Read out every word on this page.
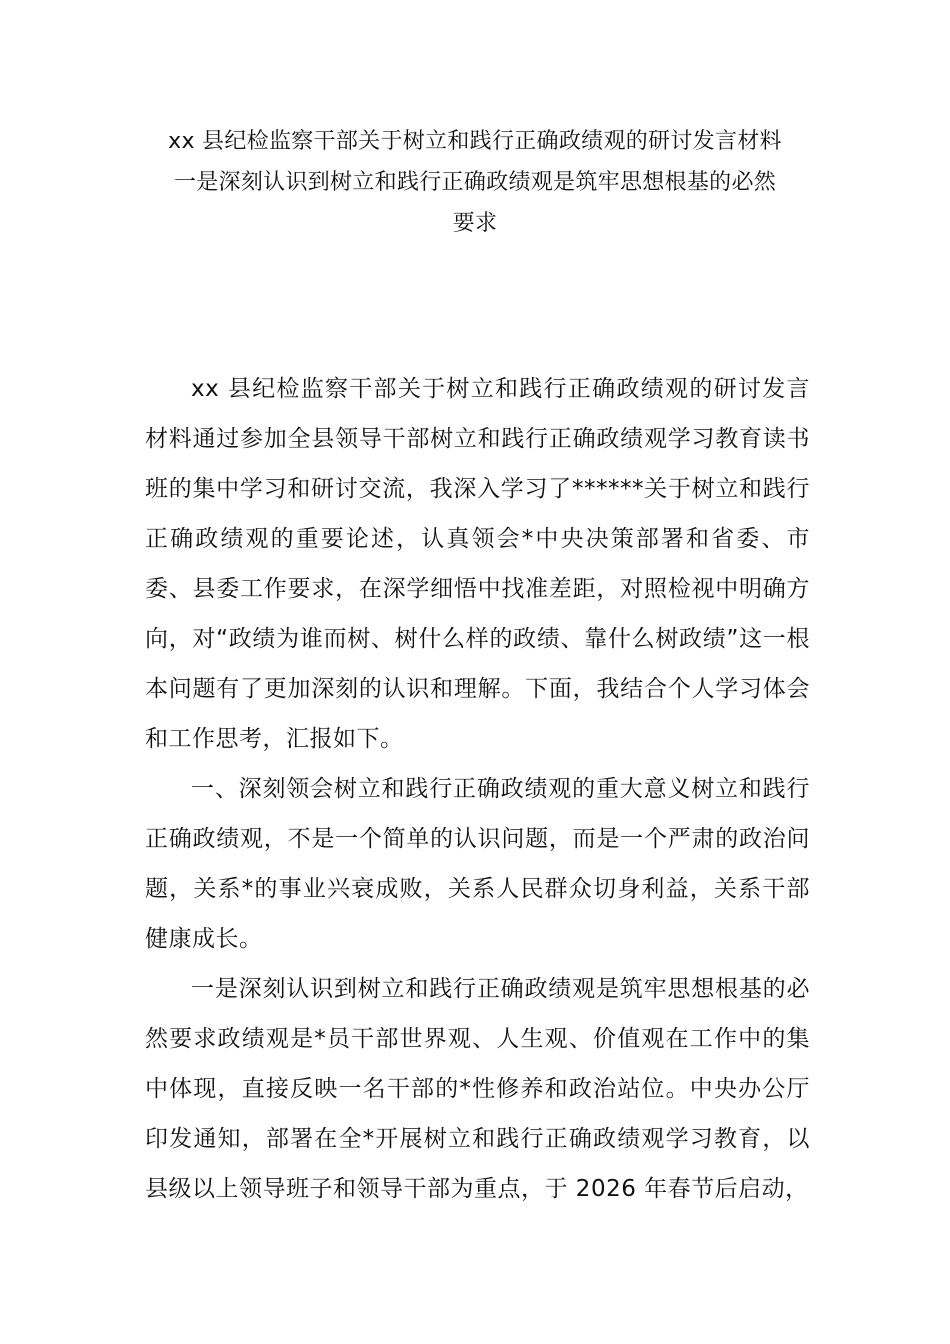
xx 县纪检监察干部关于树立和践行正确政绩观的研讨发言材料
一是深刻认识到树立和践行正确政绩观是筑牢思想根基的必然
要求

xx 县纪检监察干部关于树立和践行正确政绩观的研讨发言材料通过参加全县领导干部树立和践行正确政绩观学习教育读书班的集中学习和研讨交流，我深入学习了******关于树立和践行正确政绩观的重要论述，认真领会*中央决策部署和省委、市委、县委工作要求，在深学细悟中找准差距，对照检视中明确方向，对“政绩为谁而树、树什么样的政绩、靠什么树政绩”这一根本问题有了更加深刻的认识和理解。下面，我结合个人学习体会和工作思考，汇报如下。

一、深刻领会树立和践行正确政绩观的重大意义树立和践行正确政绩观，不是一个简单的认识问题，而是一个严肃的政治问题，关系*的事业兴衰成败，关系人民群众切身利益，关系干部健康成长。

一是深刻认识到树立和践行正确政绩观是筑牢思想根基的必然要求政绩观是*员干部世界观、人生观、价值观在工作中的集中体现，直接反映一名干部的*性修养和政治站位。中央办公厅印发通知，部署在全*开展树立和践行正确政绩观学习教育，以县级以上领导班子和领导干部为重点，于 2026 年春节后启动，
